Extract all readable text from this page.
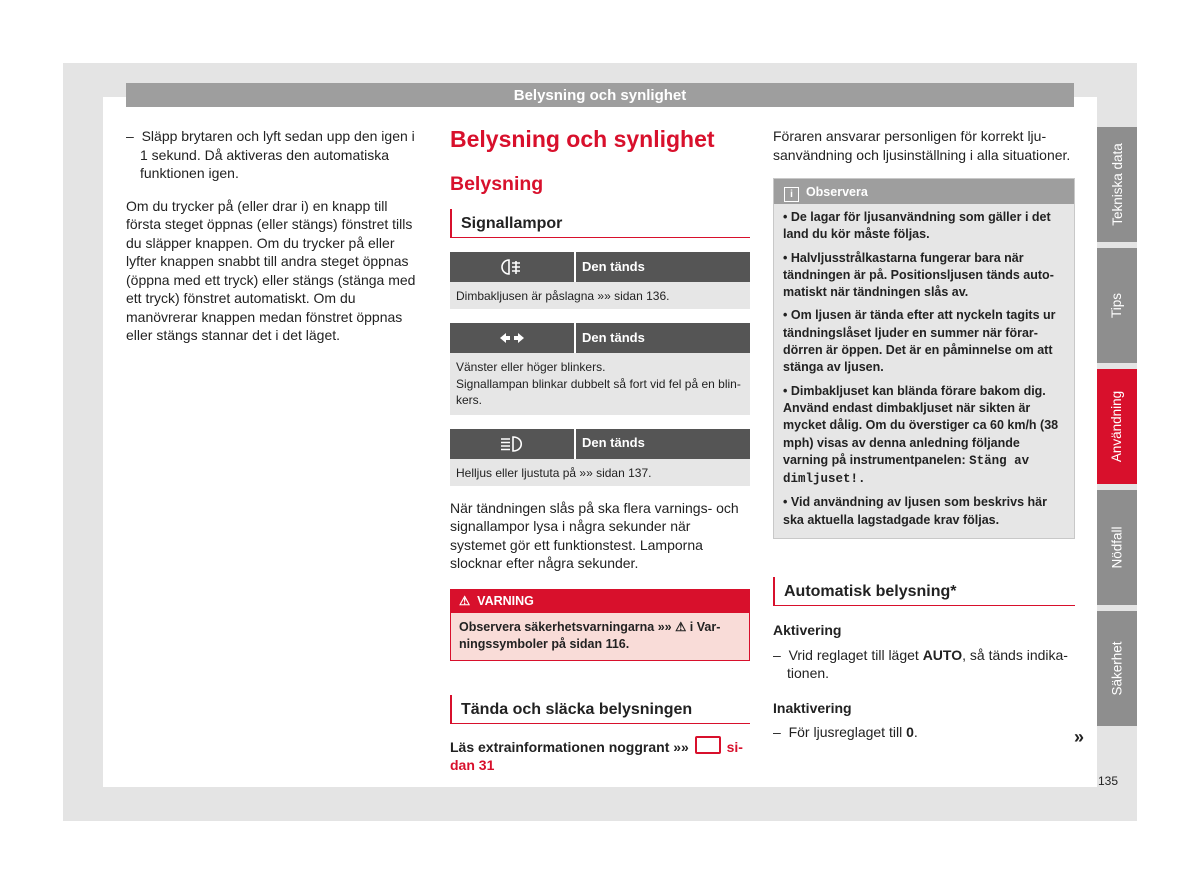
Belysning och synlighet

–  Släpp brytaren och lyft sedan upp den igen i 1 sekund. Då aktiveras den automatiska funktionen igen.

Om du trycker på (eller drar i) en knapp till första steget öppnas (eller stängs) fönstret tills du släpper knappen. Om du trycker på eller lyfter knappen snabbt till andra steget öppnas (öppna med ett tryck) eller stängs (stänga med ett tryck) fönstret automatiskt. Om du manövrerar knappen medan fönstret öppnas eller stängs stannar det i det läget.

Belysning och synlighet
Belysning
Signallampor
Den tänds
Dimbakljusen är påslagna »» sidan 136.
Den tänds
Vänster eller höger blinkers.
Signallampan blinkar dubbelt så fort vid fel på en blinkers.
Den tänds
Helljus eller ljustuta på »» sidan 137.

När tändningen slås på ska flera varnings- och signallampor lysa i några sekunder när systemet gör ett funktionstest. Lamporna slocknar efter några sekunder.

⚠ VARNING
Observera säkerhetsvarningarna »» ⚠ i Varningssymboler på sidan 116.
Tända och släcka belysningen

Läs extrainformationen noggrant »»	sidan 31

Föraren ansvarar personligen för korrekt ljusanvändning och ljusinställning i alla situationer.

i Observera

• De lagar för ljusanvändning som gäller i det land du kör måste följas.

• Halvljusstrålkastarna fungerar bara när tändningen är på. Positionsljusen tänds automatiskt när tändningen slås av.

• Om ljusen är tända efter att nyckeln tagits ur tändningslåset ljuder en summer när förardörren är öppen. Det är en påminnelse om att stänga av ljusen.

• Dimbakljuset kan blända förare bakom dig. Använd endast dimbakljuset när sikten är mycket dålig. Om du överstiger ca 60 km/h (38 mph) visas av denna anledning följande varning på instrumentpanelen: Stäng av dimljuset!.

• Vid användning av ljusen som beskrivs här ska aktuella lagstadgade krav följas.

Automatisk belysning*
Aktivering

–  Vrid reglaget till läget AUTO, så tänds indikationen.

Inaktivering

–  För ljusreglaget till 0.	»
Tekniska data
Tips
Användning
Nödfall
Säkerhet
135
